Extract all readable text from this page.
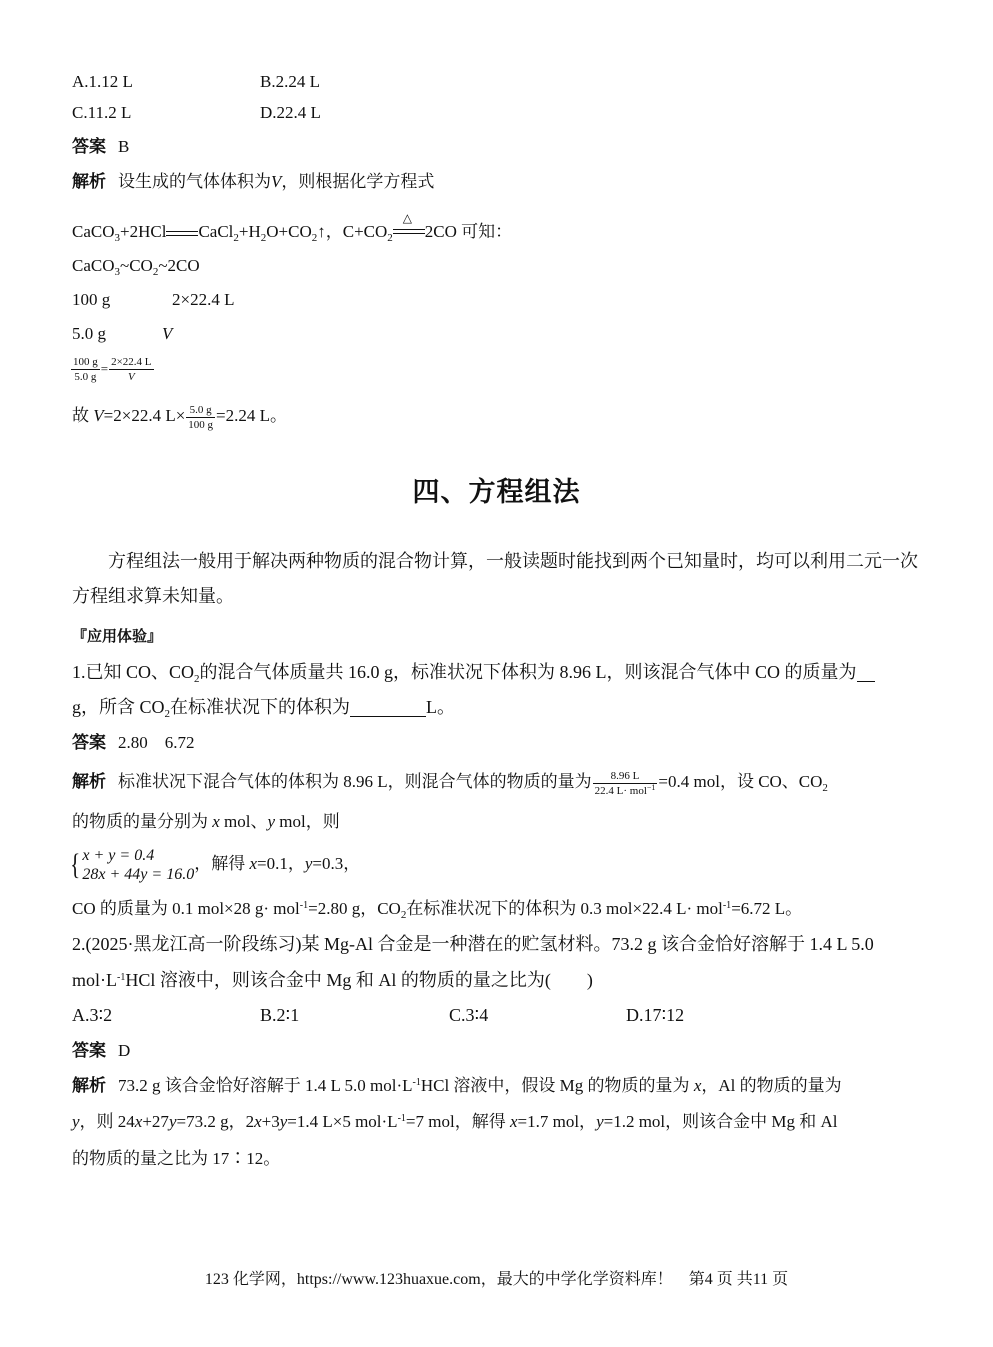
A.1.12 L	B.2.24 L
C.11.2 L	D.22.4 L
答案 B
解析 设生成的气体体积为V，则根据化学方程式
CaCO$_3$+2HCl $CaCl_2+H_2O+CO_2↑$，$C+CO_2$
△
2CO 可知：
$CaCO_3\sim CO_2\sim 2CO$
100 g	2×22.4 L
5.0 g	V
$\frac{100 g}{5.0 g} = \frac{2\times 22.4 L}{V}$
故 V=2×22.4 $L\times \frac{5.0 g}{100 g} =2.24$ L。
四、方程组法
方程组法一般用于解决两种物质的混合物计算，一般读题时能找到两个已知量时，均可以利用二元一次方程组求算未知量。
『应用体验』
1.已知 CO、$CO_2$的混合气体质量共 16.0 g，标准状况下体积为 8.96 L，则该混合气体中 CO 的质量为
g，所含 $CO_2$在标准状况下的体积为	L。
答案 2.80　6.72
解析 标准状况下混合气体的体积为 8.96 L，则混合气体的物质的量为 $\frac{8.96 L}{22.4 L\cdot mol^{-1}} =0.4$ mol，设 CO、$CO_2$
的物质的量分别为 x mol、y mol，则
{ x + y = 0.4
28x + 44y = 16.0
，解得 x=0.1，y=0.3，
CO 的质量为 0.1 mol×28 g· mol$^{-1}$=2.80 g，$CO_2$在标准状况下的体积为 0.3 mol×22.4 L· mol$^{-1}$=6.72 L。
2.(2025·黑龙江高一阶段练习)某 Mg-Al 合金是一种潜在的贮氢材料。73.2 g 该合金恰好溶解于 1.4 L 5.0
$mol\cdot L^{-1}HCl$ 溶液中，则该合金中 Mg 和 Al 的物质的量之比为(　　)
A.3∶2	B.2∶1	C.3∶4	D.17∶12
答案 D
解析 73.2 g 该合金恰好溶解于 1.4 L 5.0 $mol\cdot L^{-1}HCl$ 溶液中，假设 Mg 的物质的量为 x，Al 的物质的量为
y，则 24x+27y=73.2 g，2x+3y=1.4 L×5 $mol\cdot L^{-1}=7$ mol，解得 x=1.7 mol，y=1.2 mol，则该合金中 Mg 和 Al
的物质的量之比为 17∶12。
123 化学网，https://www.123huaxue.com，最大的中学化学资料库！　第4 页 共11 页
